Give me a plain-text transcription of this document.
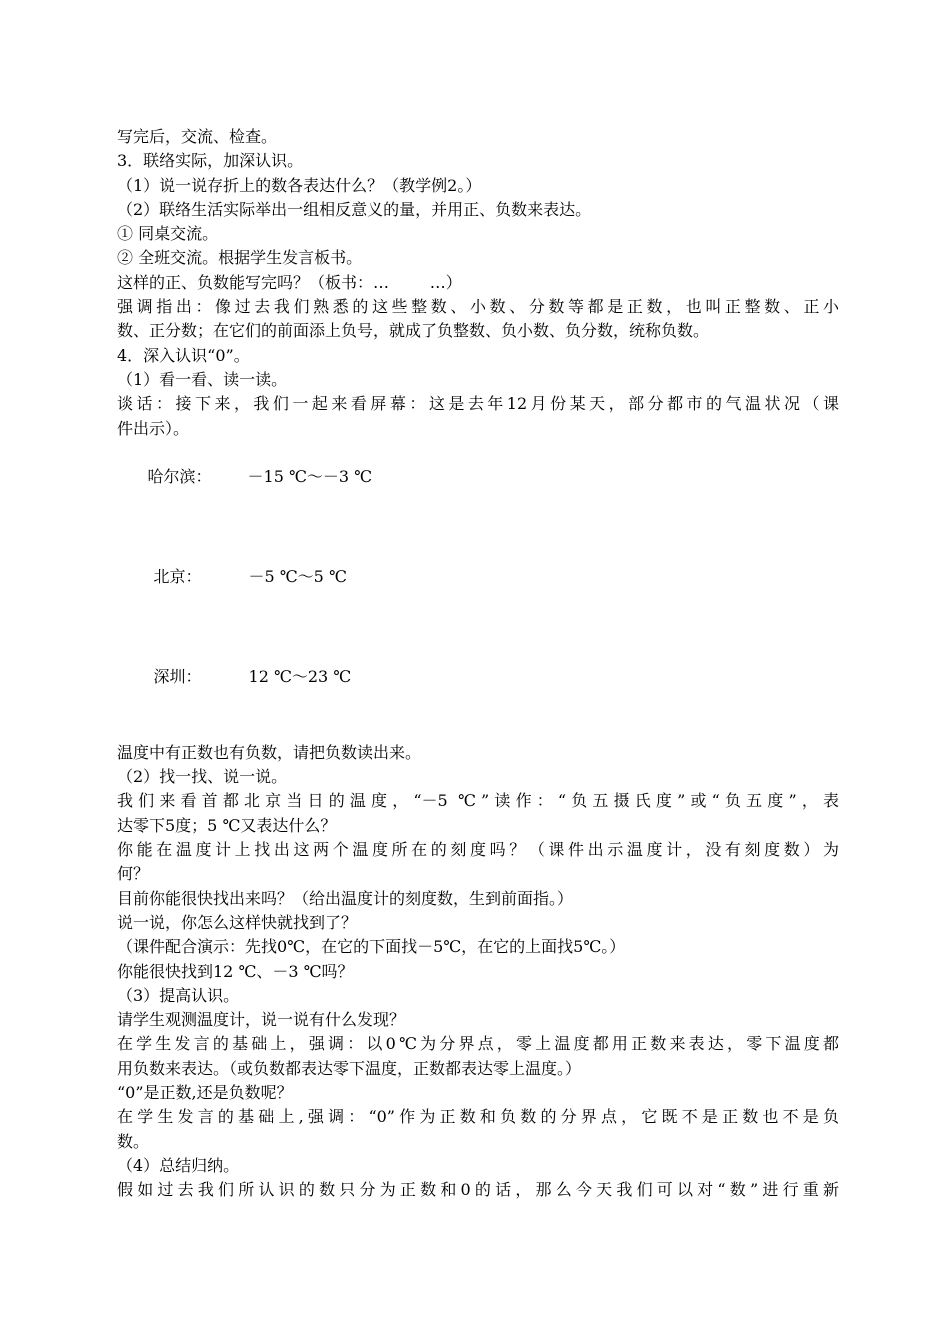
写完后，交流、检查。
3．联络实际，加深认识。
（1）说一说存折上的数各表达什么？（教学例2。）
（2）联络生活实际举出一组相反意义的量，并用正、负数来表达。
① 同桌交流。
② 全班交流。根据学生发言板书。
这样的正、负数能写完吗？（板书：…        …）
强调指出：像过去我们熟悉的这些整数、小数、分数等都是正数，也叫正整数、正小
数、正分数；在它们的前面添上负号，就成了负整数、负小数、负分数，统称负数。
4．深入认识“0”。
（1）看一看、读一读。
谈话：接下来，我们一起来看屏幕：这是去年12月份某天，部分都市的气温状况（课
件出示）。

哈尔滨： －15 ℃～－3 ℃

北京：	－5 ℃～5 ℃

深圳：	12 ℃～23 ℃

温度中有正数也有负数，请把负数读出来。
（2）找一找、说一说。
我们来看首都北京当日的温度，“－5 ℃”读作：“负五摄氏度”或“负五度”，表
达零下5度；5 ℃又表达什么？
你能在温度计上找出这两个温度所在的刻度吗？（课件出示温度计，没有刻度数）为
何？
目前你能很快找出来吗？（给出温度计的刻度数，生到前面指。）
说一说，你怎么这样快就找到了？
（课件配合演示：先找0℃，在它的下面找－5℃，在它的上面找5℃。）
你能很快找到12 ℃、－3 ℃吗？
（3）提高认识。
请学生观测温度计，说一说有什么发现？
在学生发言的基础上，强调：以0℃为分界点，零上温度都用正数来表达，零下温度都
用负数来表达。（或负数都表达零下温度，正数都表达零上温度。）
“0”是正数,还是负数呢？
在学生发言的基础上,强调：“0”作为正数和负数的分界点，它既不是正数也不是负
数。
（4）总结归纳。
假如过去我们所认识的数只分为正数和0的话，那么今天我们可以对“数”进行重新
